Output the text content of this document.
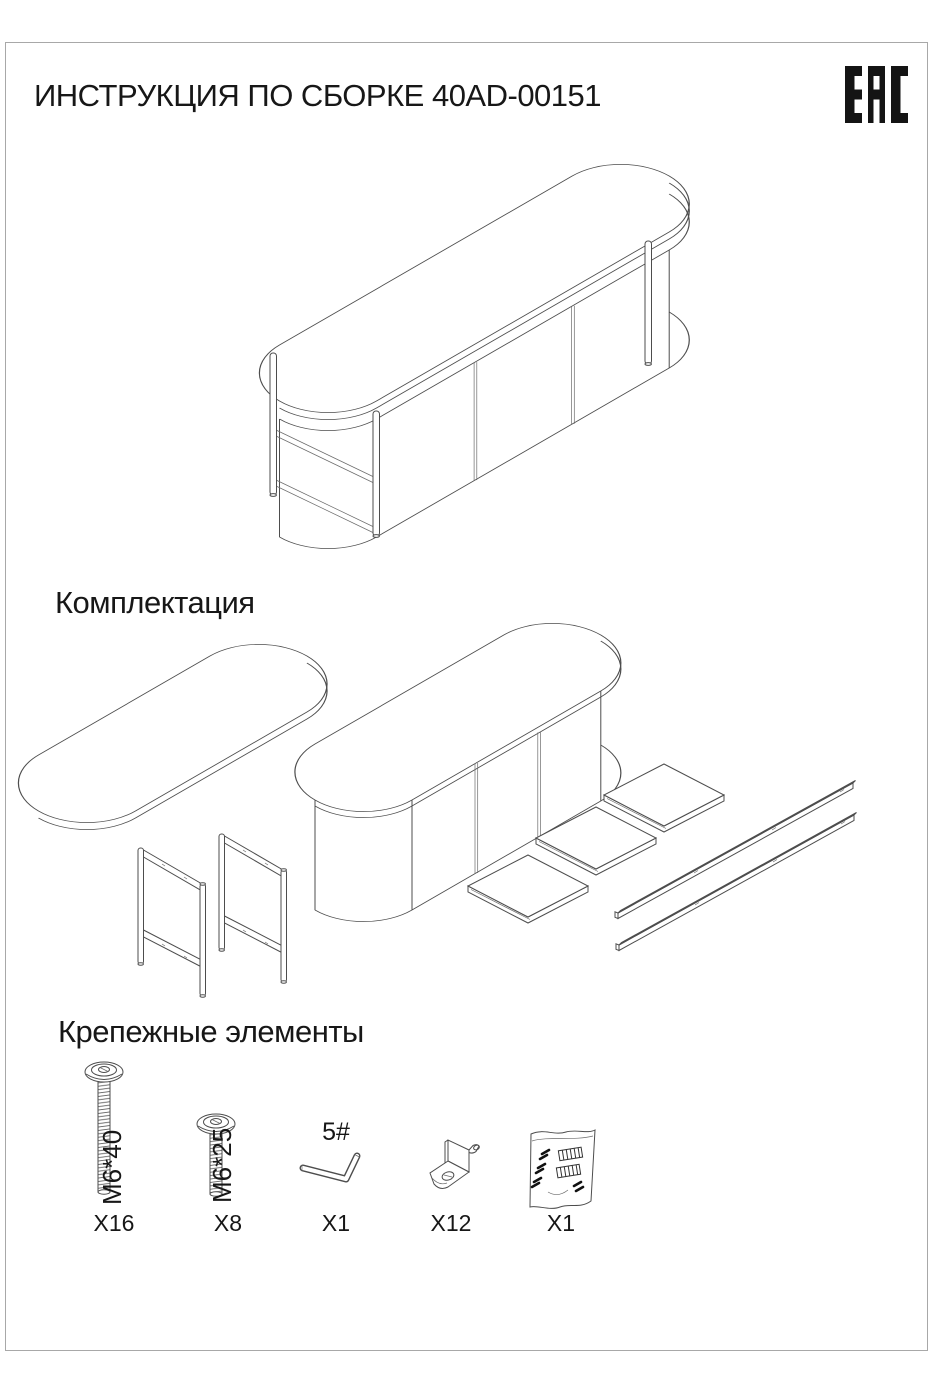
ИНСТРУКЦИЯ ПО СБОРКЕ 40AD-00151
Комплектация
Крепежные элементы
M6*40
X16
M6*25
X8
5#
X1	X12	X1
